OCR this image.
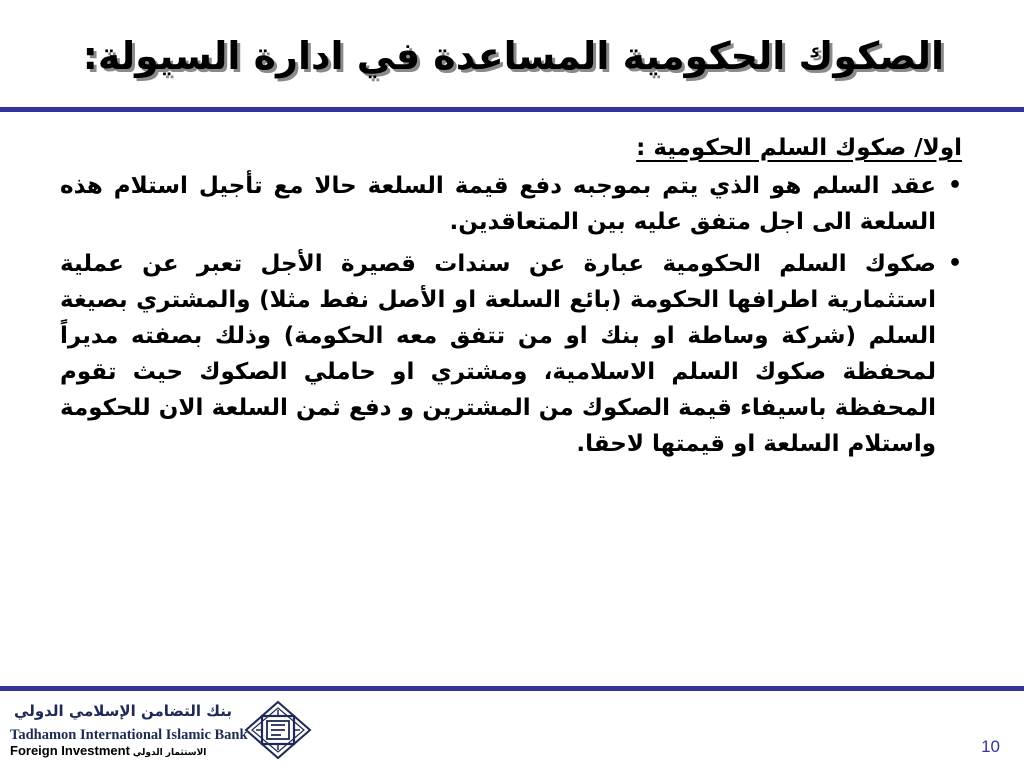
الصكوك الحكومية المساعدة في ادارة السيولة:
اولا/ صكوك السلم الحكومية :
•
عقد السلم هو الذي يتم بموجبه دفع قيمة السلعة حالا مع تأجيل استلام هذه السلعة الى اجل متفق عليه بين المتعاقدين.
•
صكوك السلم الحكومية عبارة عن سندات قصيرة الأجل تعبر عن عملية استثمارية اطرافها الحكومة (بائع السلعة او الأصل نفط مثلا) والمشتري بصيغة السلم (شركة وساطة او بنك او من تتفق معه الحكومة) وذلك بصفته مديراً لمحفظة صكوك السلم الاسلامية، ومشتري او حاملي الصكوك حيث تقوم المحفظة باسيفاء قيمة الصكوك من المشترين و دفع ثمن السلعة الان للحكومة واستلام السلعة او قيمتها لاحقا.
بنك التضامن الإسلامي الدولي
Tadhamon International Islamic Bank
Foreign Investment الاستثمار الدولي	10
